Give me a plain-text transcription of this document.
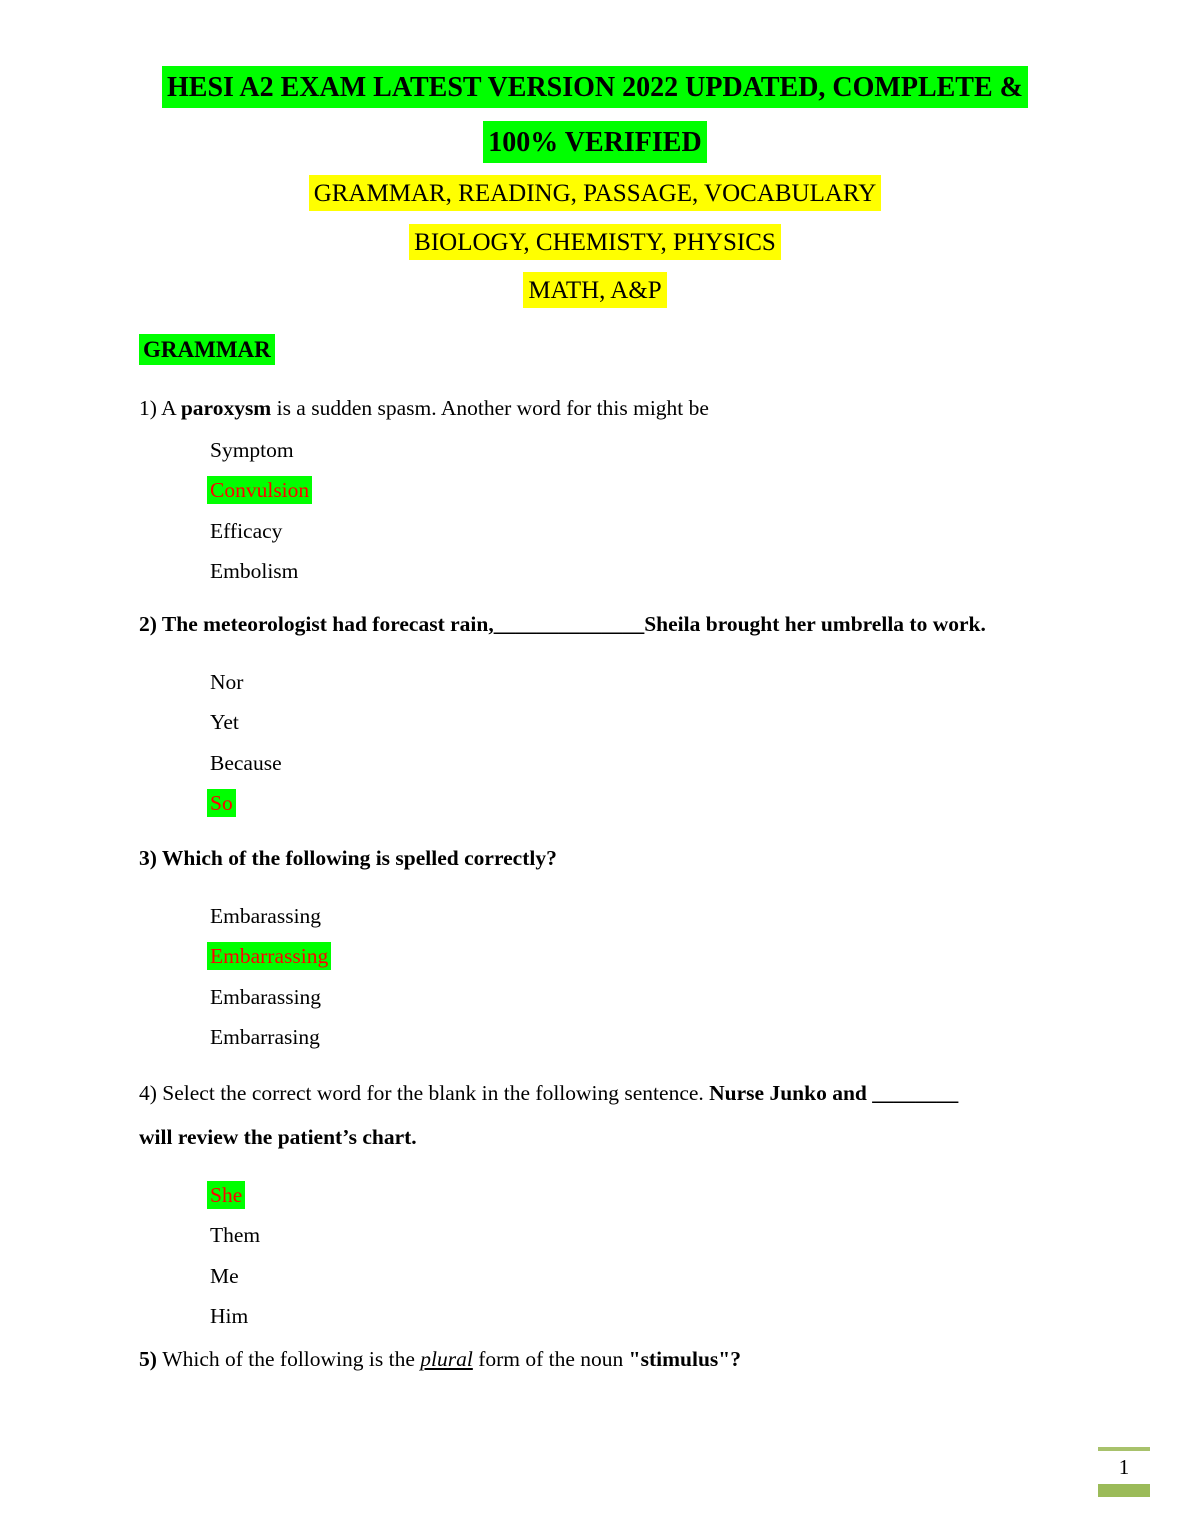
HESI A2 EXAM LATEST VERSION 2022 UPDATED, COMPLETE &
100% VERIFIED
GRAMMAR, READING, PASSAGE, VOCABULARY
BIOLOGY, CHEMISTY, PHYSICS
MATH, A&P
GRAMMAR

1) A paroxysm is a sudden spasm. Another word for this might be

Symptom
Convulsion
Efficacy
Embolism

2) The meteorologist had forecast rain,______________Sheila brought her umbrella to work.

Nor
Yet
Because
So

3) Which of the following is spelled correctly?

Embarassing
Embarrassing
Embarassing
Embarrasing

4) Select the correct word for the blank in the following sentence. Nurse Junko and ________
will review the patient’s chart.

She
Them
Me
Him

5) Which of the following is the plural form of the noun "stimulus"?

1
